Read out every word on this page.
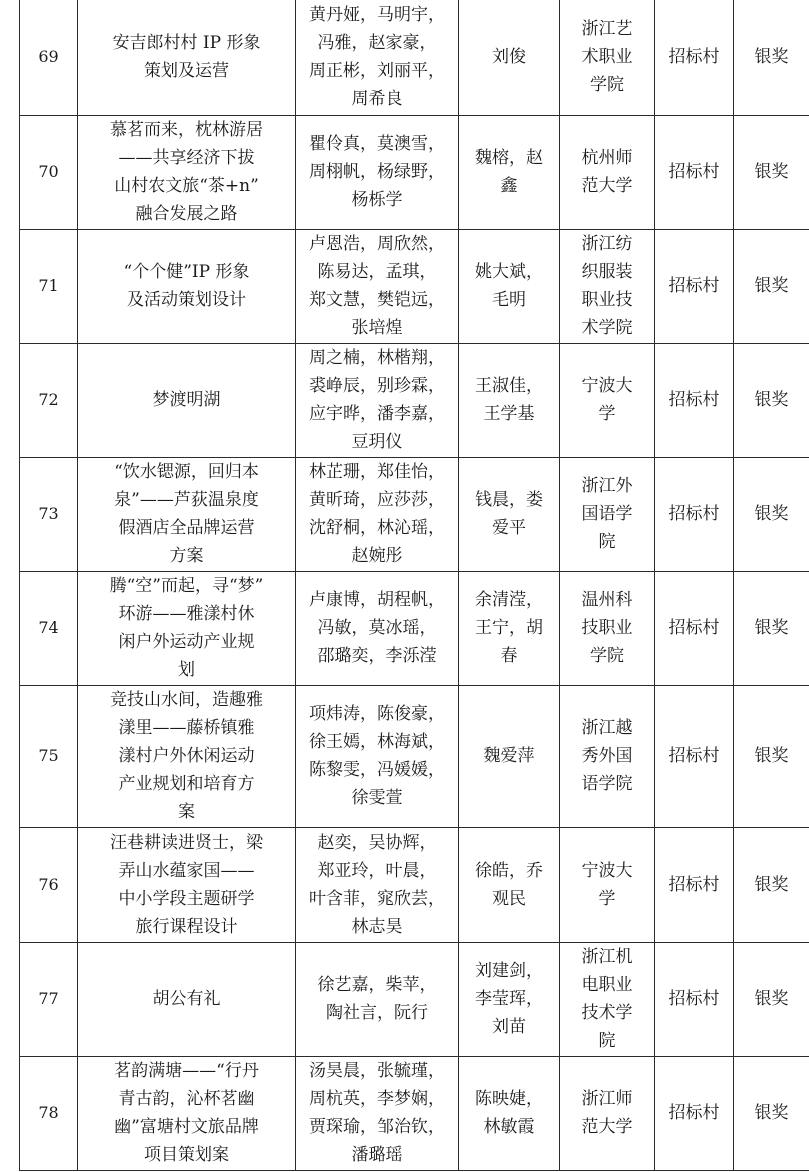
69	安吉郎村村 IP 形象
策划及运营	黄丹娅，马明宇，
冯雅，赵家豪，
周正彬，刘丽平，
周希良	刘俊	浙江艺
术职业
学院	招标村	银奖
70	慕茗而来，枕林游居
——共享经济下拔
山村农文旅“茶+n”
融合发展之路	瞿伶真，莫澳雪，
周栩帆，杨绿野，
杨栎学	魏榕，赵
鑫	杭州师
范大学	招标村	银奖
71	“个个健”IP 形象
及活动策划设计	卢恩浩，周欣然，
陈易达，孟琪，
郑文慧，樊铠远，
张培煌	姚大斌，
毛明	浙江纺
织服装
职业技
术学院	招标村	银奖
72	梦渡明湖	周之楠，林楷翔，
裘峥辰，别珍霖，
应宇晔，潘李嘉，
豆玥仪	王淑佳，
王学基	宁波大
学	招标村	银奖
73	“饮水锶源，回归本
泉”——芦荻温泉度
假酒店全品牌运营
方案	林芷珊，郑佳怡，
黄昕琦，应莎莎，
沈舒桐，林沁瑶，
赵婉彤	钱晨，娄
爱平	浙江外
国语学
院	招标村	银奖
74	腾“空”而起，寻“梦”
环游——雅漾村休
闲户外运动产业规
划	卢康博，胡程帆，
冯敏，莫冰瑶，
邵璐奕，李泺滢	余清滢，
王宁，胡
春	温州科
技职业
学院	招标村	银奖
75	竞技山水间，造趣雅
漾里——藤桥镇雅
漾村户外休闲运动
产业规划和培育方
案	项炜涛，陈俊豪，
徐王嫣，林海斌，
陈黎雯，冯媛媛，
徐雯萱	魏爱萍	浙江越
秀外国
语学院	招标村	银奖
76	汪巷耕读进贤士，梁
弄山水蕴家国——
中小学段主题研学
旅行课程设计	赵奕，吴协辉，
郑亚玲，叶晨，
叶含菲，窕欣芸，
林志昊	徐皓，乔
观民	宁波大
学	招标村	银奖
77	胡公有礼	徐艺嘉，柴苹，
陶社言，阮行	刘建剑，
李莹珲，
刘苗	浙江机
电职业
技术学
院	招标村	银奖
78	茗韵满塘——“行丹
青古韵，沁杯茗幽
幽”富塘村文旅品牌
项目策划案	汤昊晨，张毓瑾，
周杭英，李梦娴，
贾琛瑜，邹治钦，
潘璐瑶	陈映婕，
林敏霞	浙江师
范大学	招标村	银奖
